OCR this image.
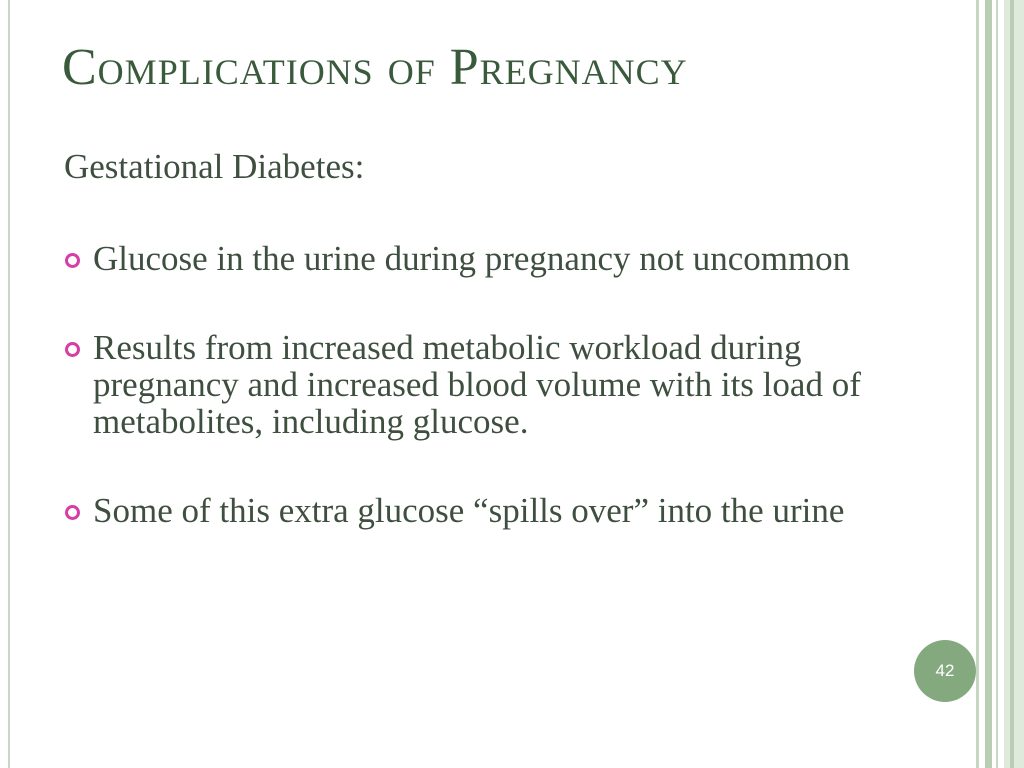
Complications of Pregnancy
Gestational Diabetes:
Glucose in the urine during pregnancy not uncommon
Results from increased metabolic workload during pregnancy and increased blood volume with its load of metabolites, including glucose.
Some of this extra glucose “spills over” into the urine
42
